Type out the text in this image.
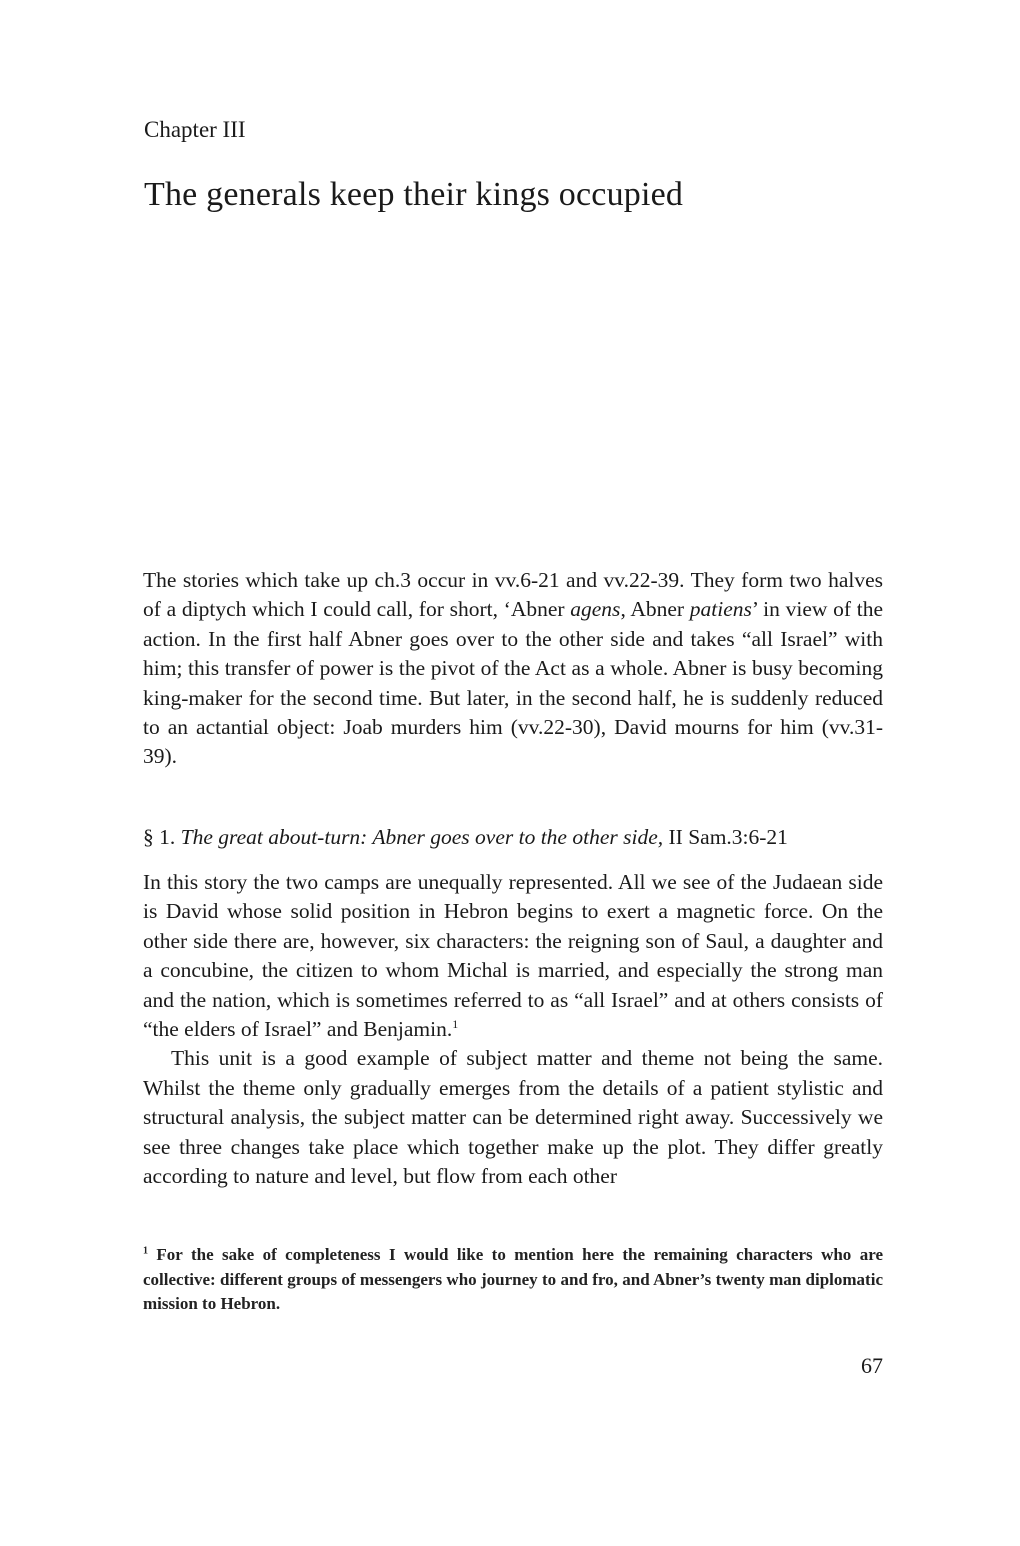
Chapter III
The generals keep their kings occupied

The stories which take up ch.3 occur in vv.6-21 and vv.22-39. They form two halves of a diptych which I could call, for short, ‘Abner agens, Abner patiens’ in view of the action. In the first half Abner goes over to the other side and takes “all Israel” with him; this transfer of power is the pivot of the Act as a whole. Abner is busy becoming king-maker for the second time. But later, in the second half, he is suddenly reduced to an actantial object: Joab murders him (vv.22-30), David mourns for him (vv.31-39).

§ 1. The great about-turn: Abner goes over to the other side, II Sam.3:6-21

In this story the two camps are unequally represented. All we see of the Judaean side is David whose solid position in Hebron begins to exert a magnetic force. On the other side there are, however, six characters: the reigning son of Saul, a daughter and a concubine, the citizen to whom Michal is married, and especially the strong man and the nation, which is sometimes referred to as “all Israel” and at others consists of “the elders of Israel” and Benjamin.$^1$

This unit is a good example of subject matter and theme not being the same. Whilst the theme only gradually emerges from the details of a patient stylistic and structural analysis, the subject matter can be determined right away. Successively we see three changes take place which together make up the plot. They differ greatly according to nature and level, but flow from each other

$^1$ For the sake of completeness I would like to mention here the remaining characters who are collective: different groups of messengers who journey to and fro, and Abner’s twenty man diplomatic mission to Hebron.

67
